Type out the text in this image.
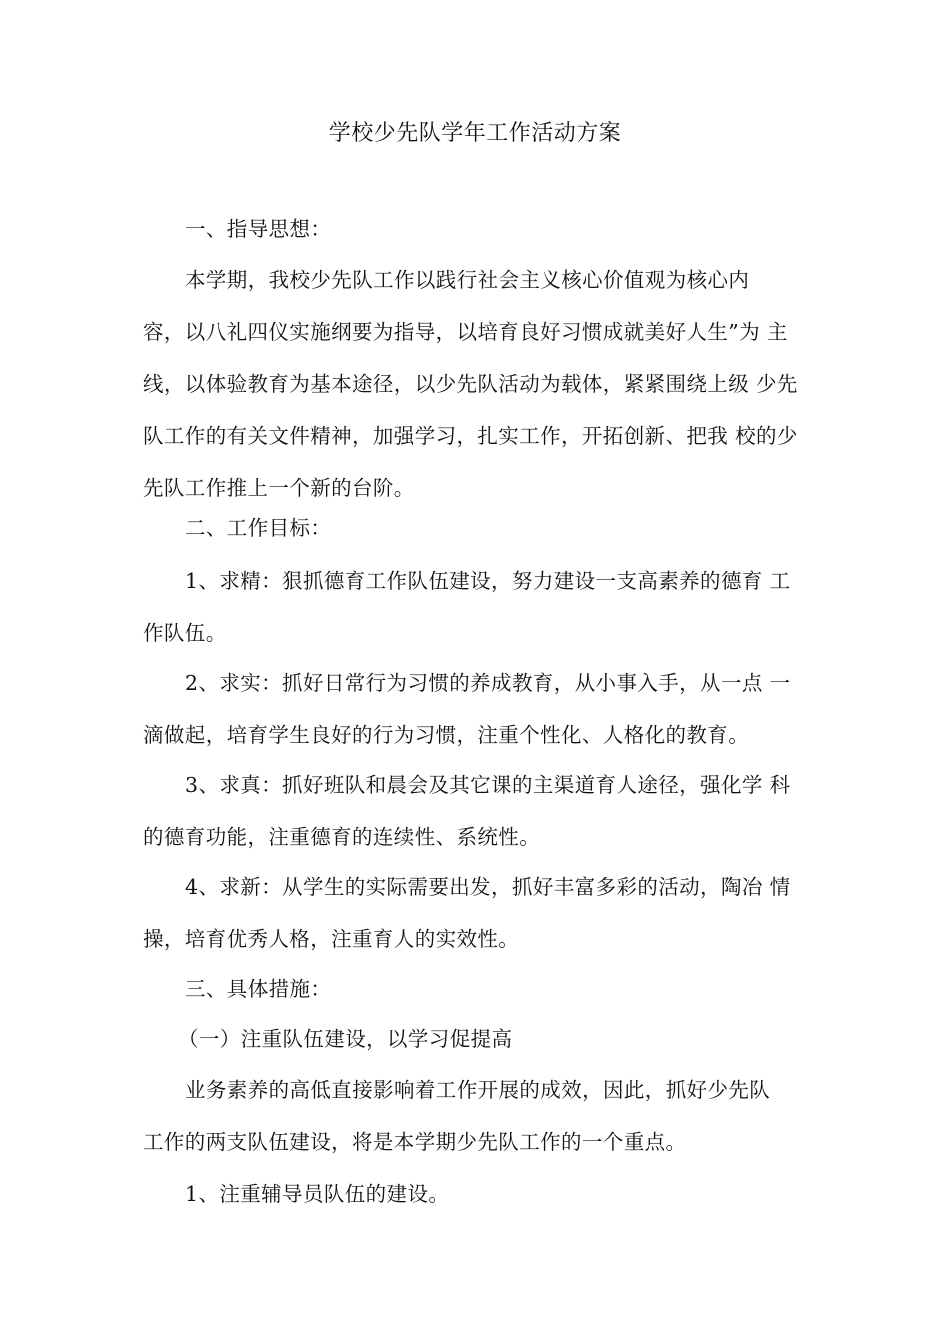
学校少先队学年工作活动方案
一、指导思想：
本学期，我校少先队工作以践行社会主义核心价值观为核心内
容，以八礼四仪实施纲要为指导，以培育良好习惯成就美好人生”为 主
线，以体验教育为基本途径，以少先队活动为载体，紧紧围绕上级 少先
队工作的有关文件精神，加强学习，扎实工作，开拓创新、把我 校的少
先队工作推上一个新的台阶。
二、工作目标：
1、求精：狠抓德育工作队伍建设，努力建设一支高素养的德育 工
作队伍。
2、求实：抓好日常行为习惯的养成教育，从小事入手，从一点 一
滴做起，培育学生良好的行为习惯，注重个性化、人格化的教育。
3、求真：抓好班队和晨会及其它课的主渠道育人途径，强化学 科
的德育功能，注重德育的连续性、系统性。
4、求新：从学生的实际需要出发，抓好丰富多彩的活动，陶冶 情
操，培育优秀人格，注重育人的实效性。
三、具体措施：
（一）注重队伍建设，以学习促提高
业务素养的高低直接影响着工作开展的成效，因此，抓好少先队
工作的两支队伍建设，将是本学期少先队工作的一个重点。
1、注重辅导员队伍的建设。
